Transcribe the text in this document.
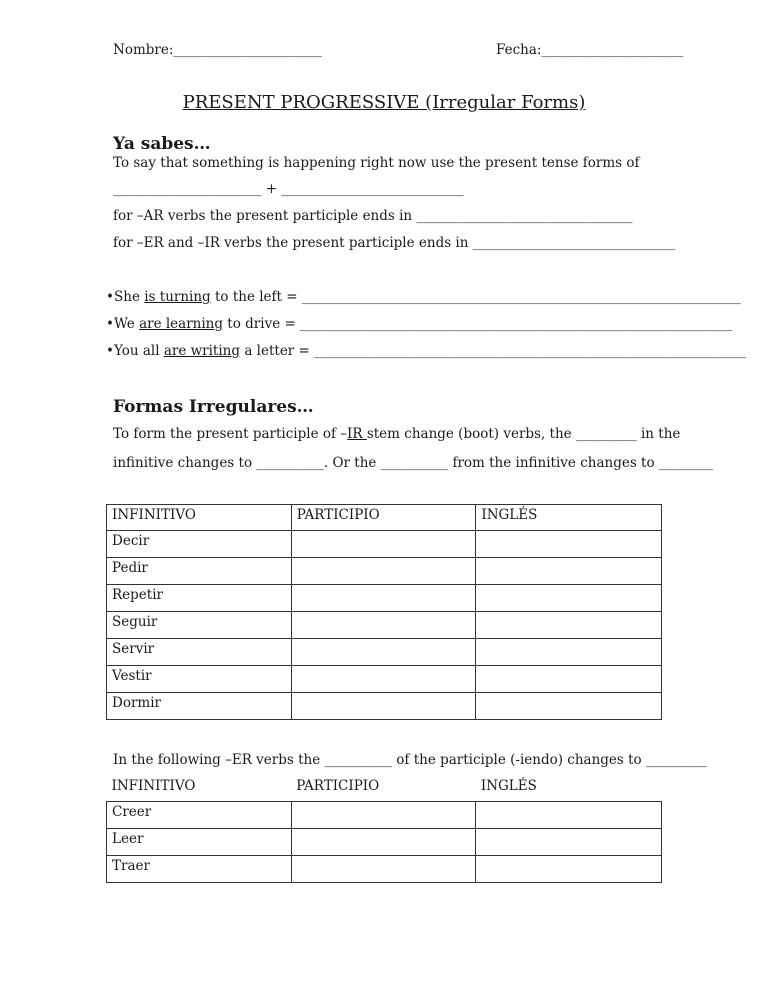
Nombre:______________________	Fecha:_____________________
PRESENT PROGRESSIVE (Irregular Forms)
Ya sabes…
To say that something is happening right now use the present tense forms of
______________________ + ___________________________
for –AR verbs the present participle ends in ________________________________
for –ER and –IR verbs the present participle ends in ______________________________
• She is turning to the left = _________________________________________________________________
• We are learning to drive = ________________________________________________________________
• You all are writing a letter = ________________________________________________________________
Formas Irregulares…
To form the present participle of –IR stem change (boot) verbs, the _________ in the
infinitive changes to __________. Or the __________ from the infinitive changes to ________
INFINITIVO	PARTICIPIO	INGLÉS
Decir		
Pedir		
Repetir		
Seguir		
Servir		
Vestir		
Dormir		
In the following –ER verbs the __________ of the participle (-iendo) changes to _________
INFINITIVO	PARTICIPIO	INGLÉS
Creer		
Leer		
Traer		
